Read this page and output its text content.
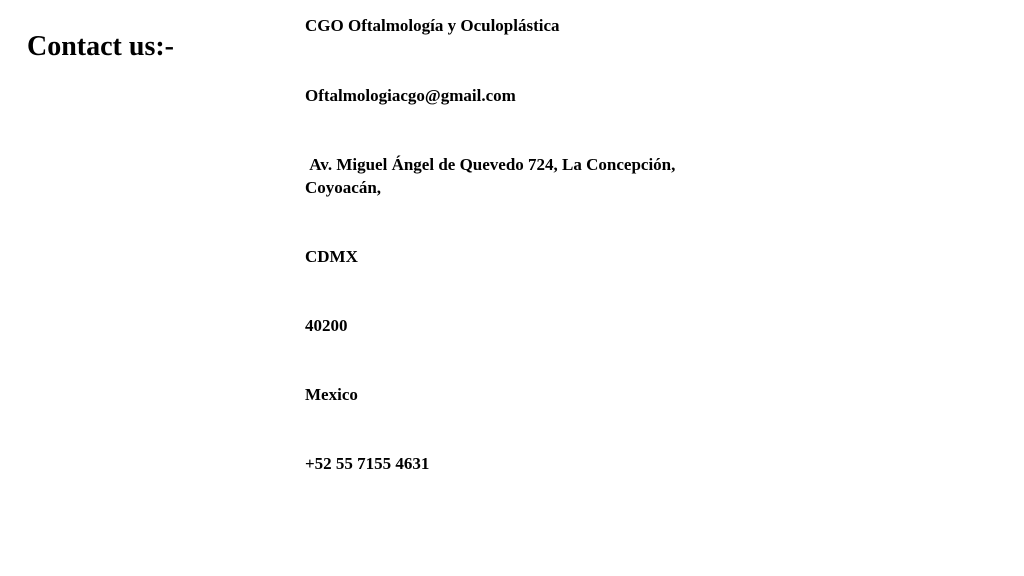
Contact us:-

CGO Oftalmología y Oculoplástica

Oftalmologiacgo@gmail.com

Av. Miguel Ángel de Quevedo 724, La Concepción, Coyoacán,

CDMX

40200

Mexico

+52 55 7155 4631
